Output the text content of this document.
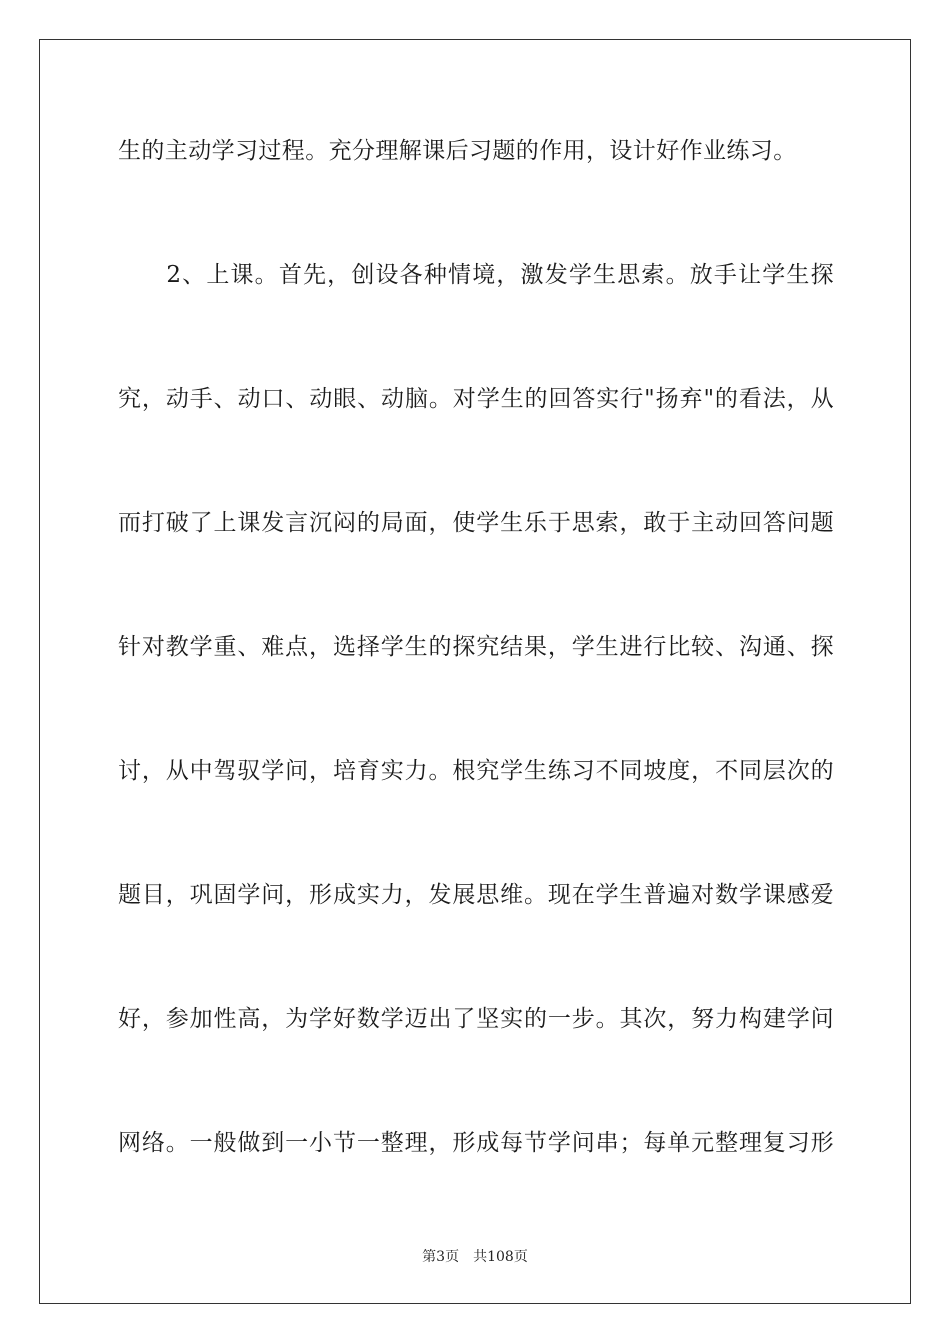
生的主动学习过程。充分理解课后习题的作用，设计好作业练习。
　　2、上课。首先，创设各种情境，激发学生思索。放手让学生探
究，动手、动口、动眼、动脑。对学生的回答实行"扬弃"的看法，从
而打破了上课发言沉闷的局面，使学生乐于思索，敢于主动回答问题
针对教学重、难点，选择学生的探究结果，学生进行比较、沟通、探
讨，从中驾驭学问，培育实力。根究学生练习不同坡度，不同层次的
题目，巩固学问，形成实力，发展思维。现在学生普遍对数学课感爱
好，参加性高，为学好数学迈出了坚实的一步。其次，努力构建学问
网络。一般做到一小节一整理，形成每节学问串；每单元整理复习形
第3页 共108页
